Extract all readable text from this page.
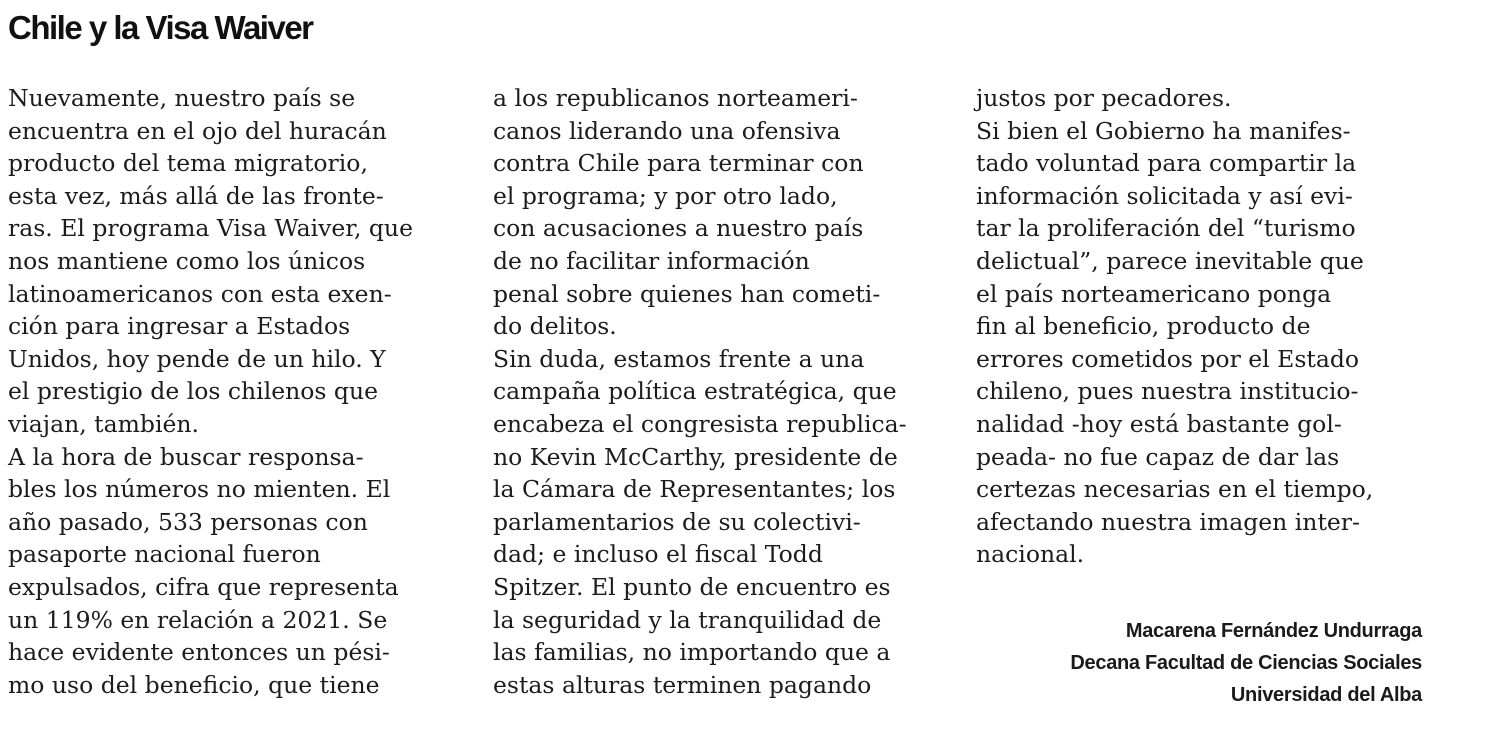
Chile y la Visa Waiver
Nuevamente, nuestro país se
encuentra en el ojo del huracán
producto del tema migratorio,
esta vez, más allá de las fronte-
ras. El programa Visa Waiver, que
nos mantiene como los únicos
latinoamericanos con esta exen-
ción para ingresar a Estados
Unidos, hoy pende de un hilo. Y
el prestigio de los chilenos que
viajan, también.
A la hora de buscar responsa-
bles los números no mienten. El
año pasado, 533 personas con
pasaporte nacional fueron
expulsados, cifra que representa
un 119% en relación a 2021. Se
hace evidente entonces un pési-
mo uso del beneficio, que tiene
a los republicanos norteameri-
canos liderando una ofensiva
contra Chile para terminar con
el programa; y por otro lado,
con acusaciones a nuestro país
de no facilitar información
penal sobre quienes han cometi-
do delitos.
Sin duda, estamos frente a una
campaña política estratégica, que
encabeza el congresista republica-
no Kevin McCarthy, presidente de
la Cámara de Representantes; los
parlamentarios de su colectivi-
dad; e incluso el fiscal Todd
Spitzer. El punto de encuentro es
la seguridad y la tranquilidad de
las familias, no importando que a
estas alturas terminen pagando
justos por pecadores.
Si bien el Gobierno ha manifes-
tado voluntad para compartir la
información solicitada y así evi-
tar la proliferación del “turismo
delictual”, parece inevitable que
el país norteamericano ponga
fin al beneficio, producto de
errores cometidos por el Estado
chileno, pues nuestra institucio-
nalidad -hoy está bastante gol-
peada- no fue capaz de dar las
certezas necesarias en el tiempo,
afectando nuestra imagen inter-
nacional.
Macarena Fernández Undurraga
Decana Facultad de Ciencias Sociales
Universidad del Alba
